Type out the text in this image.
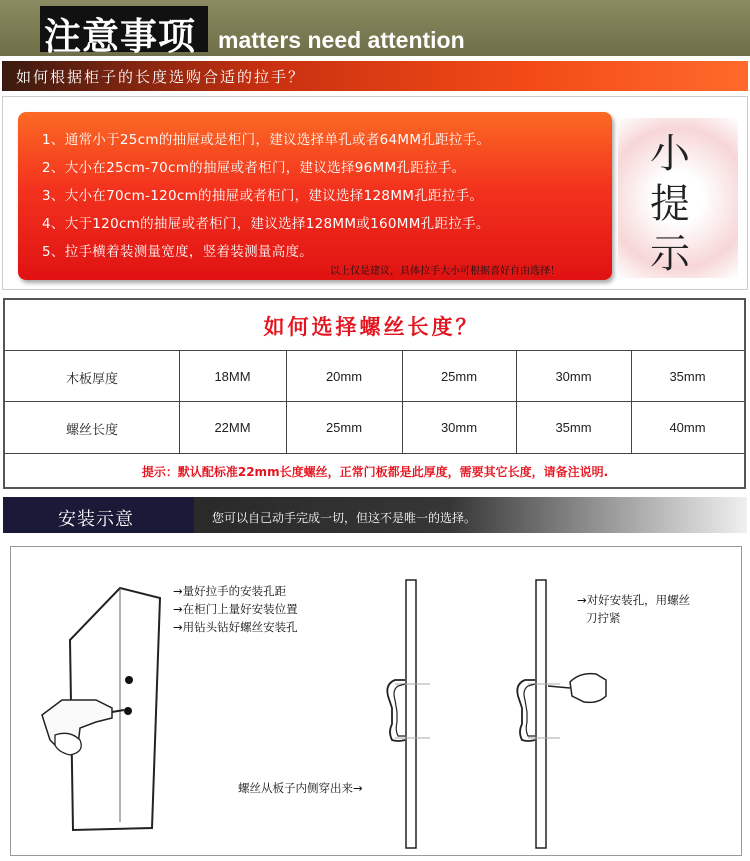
注意事项 matters need attention
如何根据柜子的长度选购合适的拉手？
1、通常小于25cm的抽屉或是柜门，建议选择单孔或者64MM孔距拉手。
2、大小在25cm-70cm的抽屉或者柜门，建议选择96MM孔距拉手。
3、大小在70cm-120cm的抽屉或者柜门，建议选择128MM孔距拉手。
4、大于120cm的抽屉或者柜门，建议选择128MM或160MM孔距拉手。
5、拉手横着装测量宽度，竖着装测量高度。
以上仅是建议，具体拉手大小可根据喜好自由选择！
小
提
示
如何选择螺丝长度？
木板厚度	18MM	20mm	25mm	30mm	35mm
螺丝长度	22MM	25mm	30mm	35mm	40mm
提示：默认配标准22mm长度螺丝，正常门板都是此厚度，需要其它长度，请备注说明.
安装示意	您可以自己动手完成一切，但这不是唯一的选择。
→量好拉手的安装孔距
→在柜门上量好安装位置
→用钻头钻好螺丝安装孔
→对好安装孔，用螺丝
刀拧紧
螺丝从板子内侧穿出来→
